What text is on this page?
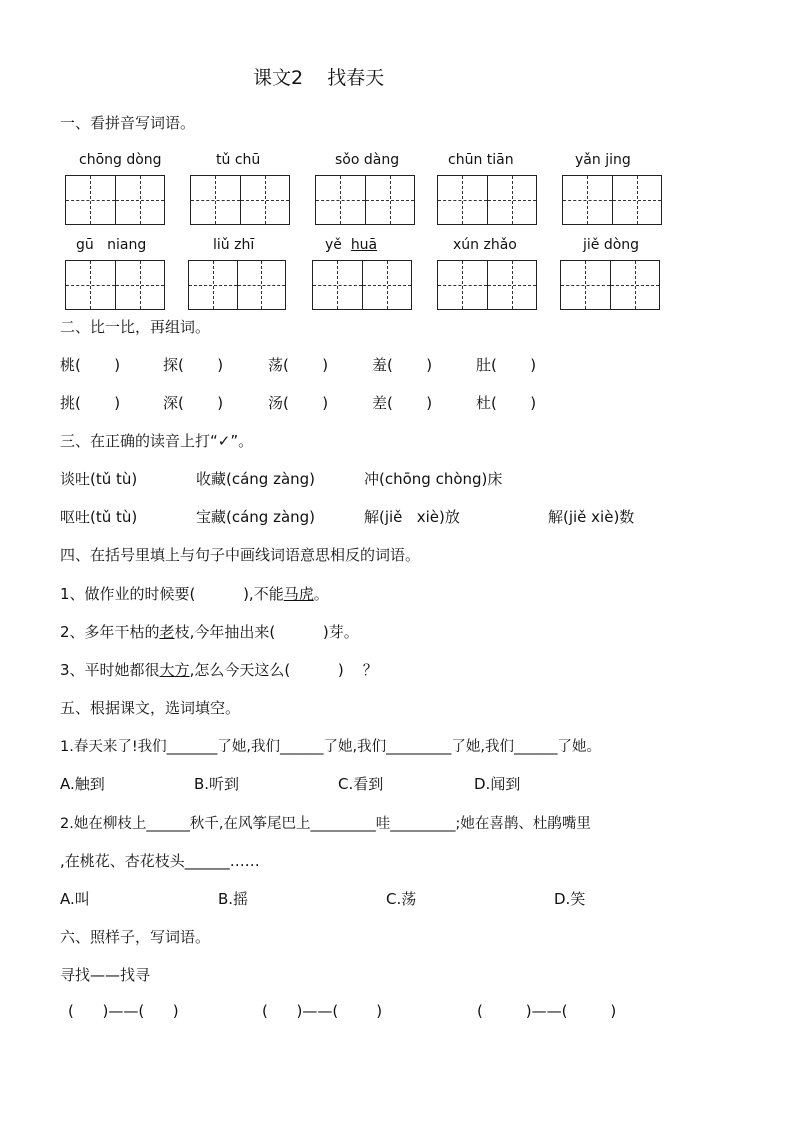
课文2    找春天
一、看拼音写词语。
chōng dòng	tǔ chū	sǒo dàng	chūn tiān	yǎn jing
gū   niang	liǔ zhī	yě  huā	xún zhǎo	jiě dòng
二、比一比，再组词。
桃(       )	探(       )	荡(       )	羞(       )	肚(       )
挑(       )	深(       )	汤(       )	差(       )	杜(       )
三、在正确的读音上打“✓”。
谈吐(tǔ tù)	收藏(cáng zàng)	冲(chōng chòng)床
呕吐(tǔ tù)	宝藏(cáng zàng)	解(jiě   xiè)放	解(jiě xiè)数
四、在括号里填上与句子中画线词语意思相反的词语。
1、做作业的时候要(          ),不能马虎。
2、多年干枯的老枝,今年抽出来(          )芽。
3、平时她都很大方,怎么今天这么(          )    ？
五、根据课文，选词填空。
1.春天来了!我们_______了她,我们______了她,我们_________了她,我们______了她。
A.触到	B.听到	C.看到	D.闻到
2.她在柳枝上______秋千,在风筝尾巴上_________哇_________;她在喜鹊、杜鹃嘴里
,在桃花、杏花枝头______……
A.叫	B.摇	C.荡	D.笑
六、照样子，写词语。
寻找——找寻
(      )——(      )	(      )——(        )	(         )——(         )
